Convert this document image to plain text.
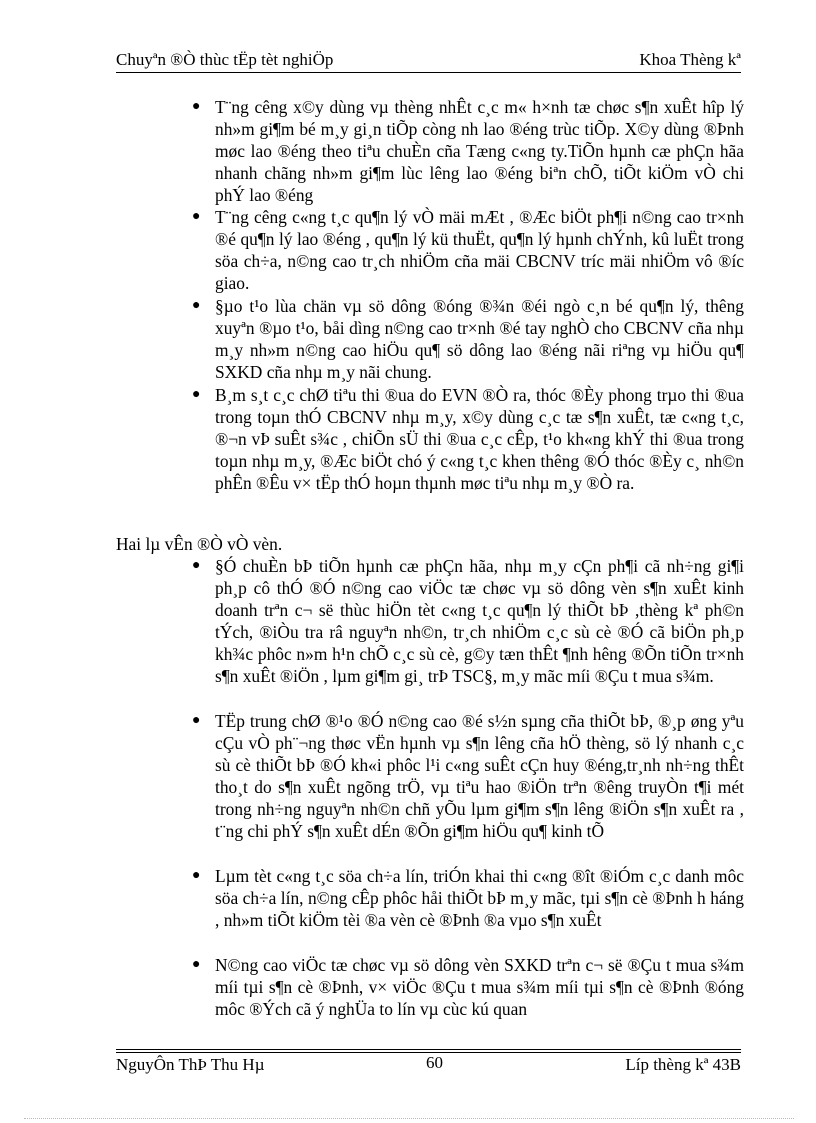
Chuyªn ®Ò thùc tËp tèt nghiÖp	Khoa Thèng kª
● T¨ng cêng x©y dùng vµ thèng nhÊt c¸c m« h×nh tæ chøc s¶n xuÊt hîp lý nh»m gi¶m bé m¸y gi¸n tiÕp còng nh lao ®éng trùc tiÕp. X©y dùng ®Þnh møc lao ®éng theo tiªu chuÈn cña Tæng c«ng ty.TiÕn hµnh cæ phÇn hãa nhanh chãng nh»m gi¶m lùc lêng lao ®éng biªn chÕ, tiÕt kiÖm vÒ chi phÝ lao ®éng
● T¨ng cêng c«ng t¸c qu¶n lý vÒ mäi mÆt , ®Æc biÖt ph¶i n©ng cao tr×nh ®é qu¶n lý lao ®éng , qu¶n lý kü thuËt, qu¶n lý hµnh chÝnh, kû luËt trong söa ch÷a, n©ng cao tr¸ch nhiÖm cña mäi CBCNV tríc mäi nhiÖm vô ®íc giao.
● §µo t¹o lùa chän vµ sö dông ®óng ®¾n ®éi ngò c¸n bé qu¶n lý, thêng xuyªn ®µo t¹o, båi dìng n©ng cao tr×nh ®é tay nghÒ cho CBCNV cña nhµ m¸y nh»m n©ng cao hiÖu qu¶ sö dông lao ®éng nãi riªng vµ hiÖu qu¶ SXKD cña nhµ m¸y nãi chung.
● B¸m s¸t c¸c chØ tiªu thi ®ua do EVN ®Ò ra, thóc ®Èy phong trµo thi ®ua trong toµn thÓ CBCNV nhµ m¸y, x©y dùng c¸c tæ s¶n xuÊt, tæ c«ng t¸c, ®¬n vÞ suÊt s¾c , chiÕn sÜ thi ®ua c¸c cÊp, t¹o kh«ng khÝ thi ®ua trong toµn nhµ m¸y, ®Æc biÖt chó ý c«ng t¸c khen thêng ®Ó thóc ®Èy c¸ nh©n phÊn ®Êu v× tËp thÓ hoµn thµnh møc tiªu nhµ m¸y ®Ò ra.
Hai lµ vÊn ®Ò vÒ vèn.
● §Ó chuÈn bÞ tiÕn hµnh cæ phÇn hãa, nhµ m¸y cÇn ph¶i cã nh÷ng gi¶i ph¸p cô thÓ ®Ó n©ng cao viÖc tæ chøc vµ sö dông vèn s¶n xuÊt kinh doanh trªn c¬ së thùc hiÖn tèt c«ng t¸c qu¶n lý thiÕt bÞ ,thèng kª ph©n tÝch, ®iÒu tra râ nguyªn nh©n, tr¸ch nhiÖm c¸c sù cè ®Ó cã biÖn ph¸p kh¾c phôc n»m h¹n chÕ c¸c sù cè, g©y tæn thÊt ¶nh hêng ®Õn tiÕn tr×nh s¶n xuÊt ®iÖn , lµm gi¶m gi¸ trÞ TSC§, m¸y mãc míi ®Çu t mua s¾m.
● TËp trung chØ ®¹o ®Ó n©ng cao ®é s½n sµng cña thiÕt bÞ, ®¸p øng yªu cÇu vÒ ph¨¬ng thøc vËn hµnh vµ s¶n lêng cña hÖ thèng, sö lý nhanh c¸c sù cè thiÕt bÞ ®Ó kh«i phôc l¹i c«ng suÊt cÇn huy ®éng,tr¸nh nh÷ng thÊt tho¸t do s¶n xuÊt ngõng trÖ, vµ tiªu hao ®iÖn trªn ®êng truyÒn t¶i mét trong nh÷ng nguyªn nh©n chñ yÕu lµm gi¶m s¶n lêng ®iÖn s¶n xuÊt ra , t¨ng chi phÝ s¶n xuÊt dÉn ®Õn gi¶m hiÖu qu¶ kinh tÕ
● Lµm tèt c«ng t¸c söa ch÷a lín, triÓn khai thi c«ng ®ît ®iÓm c¸c danh môc söa ch÷a lín, n©ng cÊp phôc håi thiÕt bÞ m¸y mãc, tµi s¶n cè ®Þnh h háng , nh»m tiÕt kiÖm tèi ®a vèn cè ®Þnh ®a vµo s¶n xuÊt
● N©ng cao viÖc tæ chøc vµ sö dông vèn SXKD trªn c¬ së ®Çu t mua s¾m míi tµi s¶n cè ®Þnh, v× viÖc ®Çu t mua s¾m míi tµi s¶n cè ®Þnh ®óng môc ®Ých cã ý nghÜa to lín vµ cùc kú quan
NguyÔn ThÞ Thu Hµ	60	Líp thèng kª 43B
